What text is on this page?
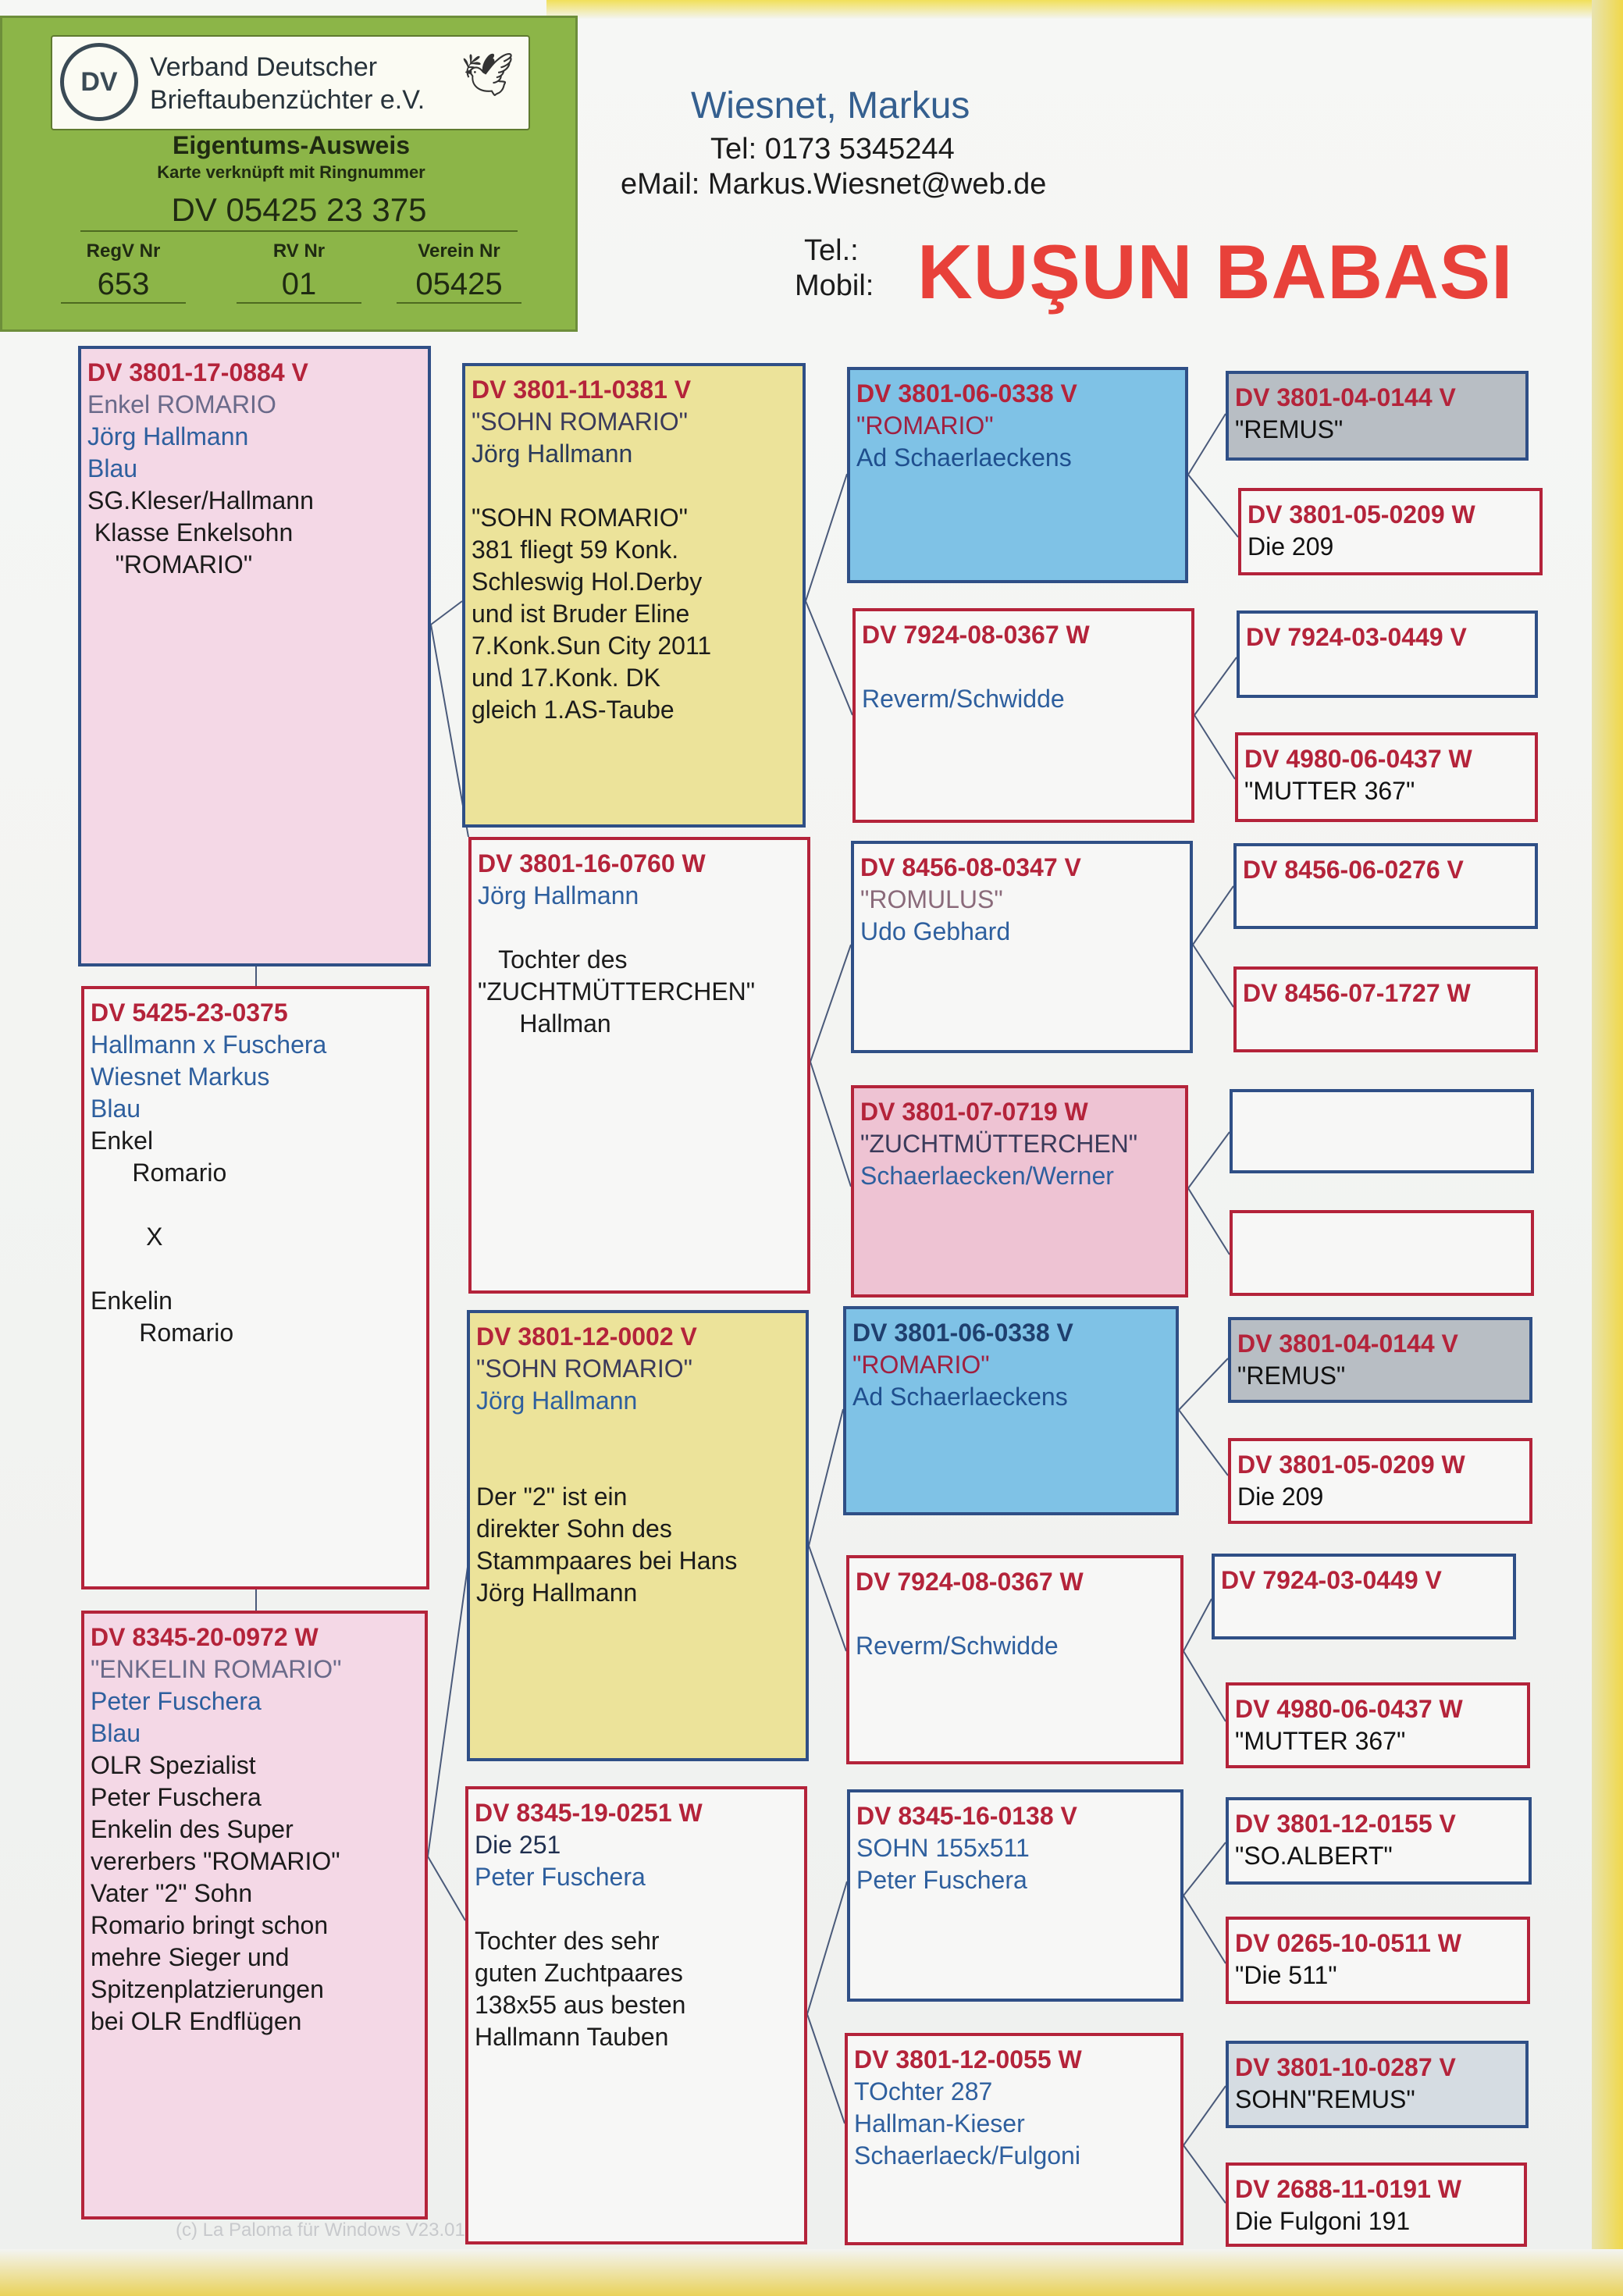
DV	Verband Deutscher
Brieftaubenzüchter e.V.
🕊
Eigentums-Ausweis
Karte verknüpft mit Ringnummer
DV 05425 23 375
RegV Nr
653
RV Nr
01
Verein Nr
05425
Wiesnet, Markus
Tel: 0173 5345244
eMail: Markus.Wiesnet@web.de
Tel.:
Mobil: KUŞUN BABASI
DV 3801-17-0884 V
Enkel ROMARIO
Jörg Hallmann
Blau
SG.Kleser/Hallmann
Klasse Enkelsohn
"ROMARIO"
DV 5425-23-0375
Hallmann x Fuschera
Wiesnet Markus
Blau
Enkel
Romario

X

Enkelin
Romario
DV 8345-20-0972 W
"ENKELIN ROMARIO"
Peter Fuschera
Blau
OLR Spezialist
Peter Fuschera
Enkelin des Super
vererbers "ROMARIO"
Vater "2" Sohn
Romario bringt schon
mehre Sieger und
Spitzenplatzierungen
bei OLR Endflügen
DV 3801-11-0381 V
"SOHN ROMARIO"
Jörg Hallmann

"SOHN ROMARIO"
381 fliegt 59 Konk.
Schleswig Hol.Derby
und ist Bruder Eline
7.Konk.Sun City 2011
und 17.Konk. DK
gleich 1.AS-Taube
DV 3801-16-0760 W
Jörg Hallmann

Tochter des
"ZUCHTMÜTTERCHEN"
Hallman
DV 3801-12-0002 V
"SOHN ROMARIO"
Jörg Hallmann

Der "2" ist ein
direkter Sohn des
Stammpaares bei Hans
Jörg Hallmann
DV 8345-19-0251 W
Die 251
Peter Fuschera

Tochter des sehr
guten Zuchtpaares
138x55 aus besten
Hallmann Tauben
DV 3801-06-0338 V
"ROMARIO"
Ad Schaerlaeckens
DV 7924-08-0367 W

Reverm/Schwidde
DV 8456-08-0347 V
"ROMULUS"
Udo Gebhard
DV 3801-07-0719 W
"ZUCHTMÜTTERCHEN"
Schaerlaecken/Werner
DV 3801-06-0338 V
"ROMARIO"
Ad Schaerlaeckens
DV 7924-08-0367 W

Reverm/Schwidde
DV 8345-16-0138 V
SOHN 155x511
Peter Fuschera
DV 3801-12-0055 W
TOchter 287
Hallman-Kieser
Schaerlaeck/Fulgoni
DV 3801-04-0144 V
"REMUS"
DV 3801-05-0209 W
Die 209
DV 7924-03-0449 V
DV 4980-06-0437 W
"MUTTER 367"
DV 8456-06-0276 V
DV 8456-07-1727 W
DV 3801-04-0144 V
"REMUS"
DV 3801-05-0209 W
Die 209
DV 7924-03-0449 V
DV 4980-06-0437 W
"MUTTER 367"
DV 3801-12-0155 V
"SO.ALBERT"
DV 0265-10-0511 W
"Die 511"
DV 3801-10-0287 V
SOHN"REMUS"
DV 2688-11-0191 W
Die Fulgoni 191
(c) La Paloma für Windows V23.01
